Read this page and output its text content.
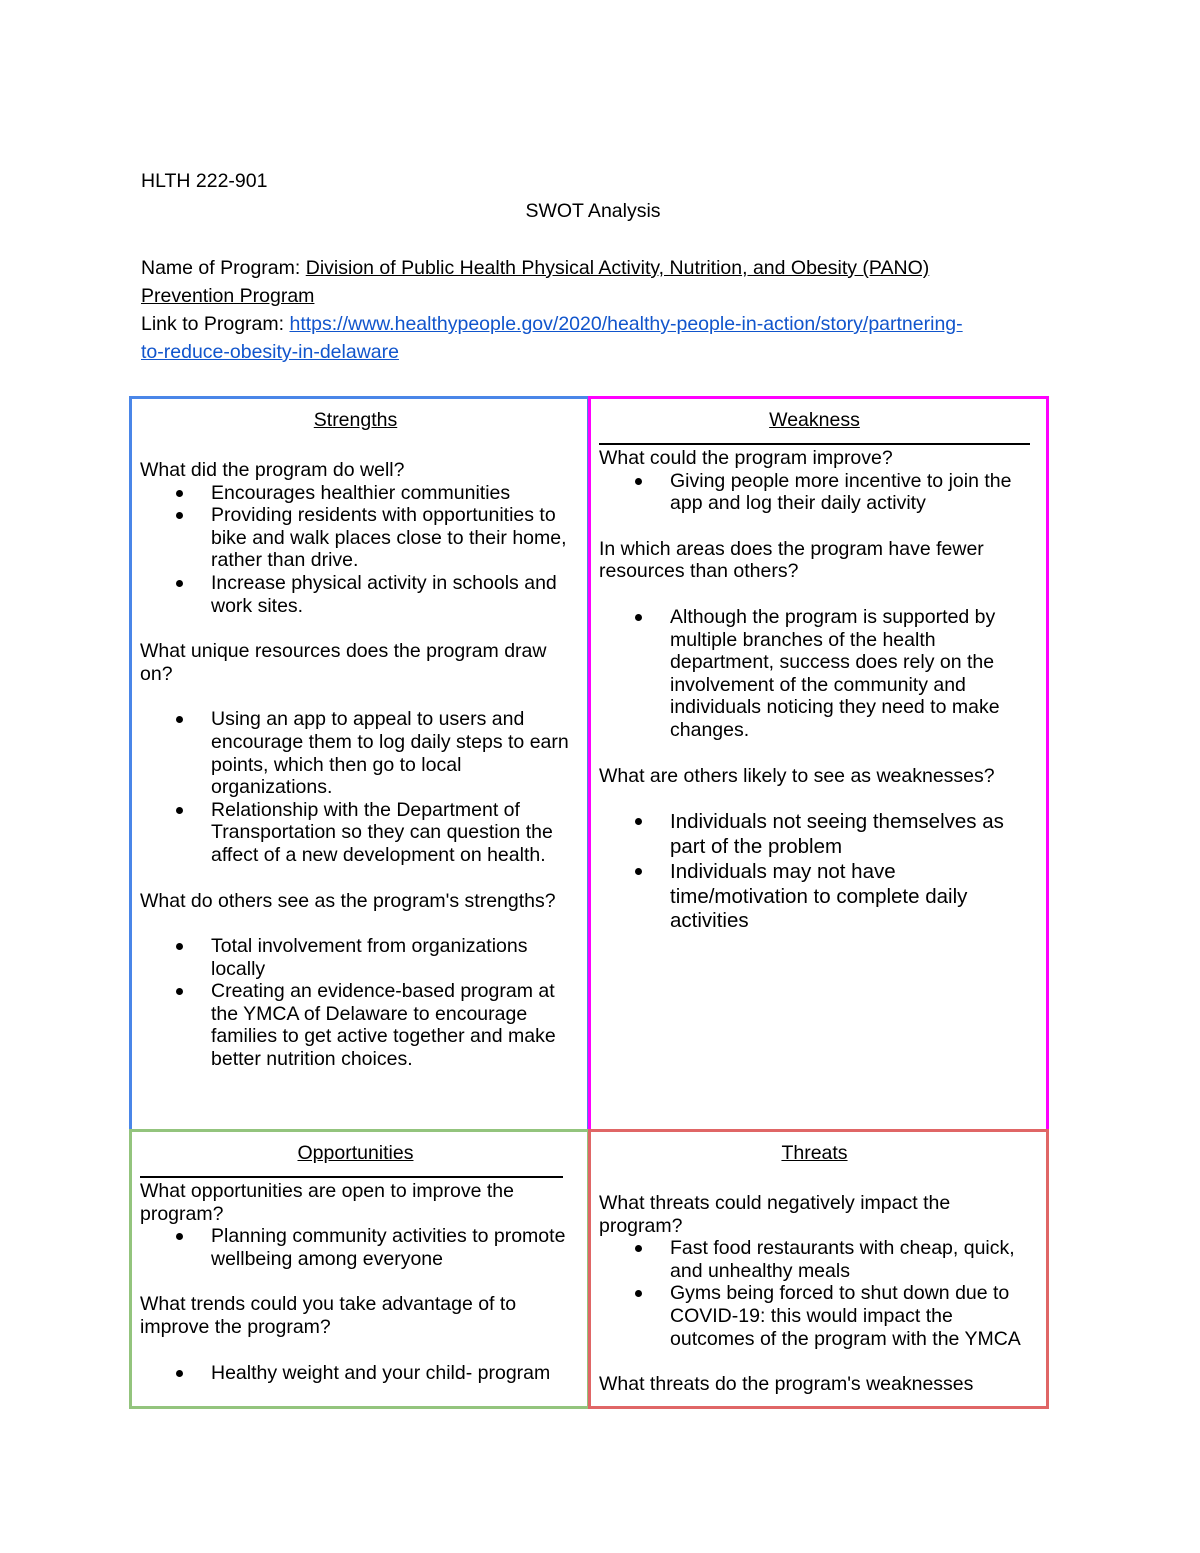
HLTH 222-901
SWOT Analysis
Name of Program: Division of Public Health Physical Activity, Nutrition, and Obesity (PANO)
Prevention Program
Link to Program: https://www.healthypeople.gov/2020/healthy-people-in-action/story/partnering-
to-reduce-obesity-in-delaware
Strengths

What did the program do well?

Encourages healthier communities
Providing residents with opportunities to bike and walk places close to their home, rather than drive.
Increase physical activity in schools and work sites.

What unique resources does the program draw on?

Using an app to appeal to users and encourage them to log daily steps to earn points, which then go to local organizations.
Relationship with the Department of Transportation so they can question the affect of a new development on health.

What do others see as the program's strengths?

Total involvement from organizations locally
Creating an evidence-based program at the YMCA of Delaware to encourage families to get active together and make better nutrition choices.
Weakness

What could the program improve?

Giving people more incentive to join the app and log their daily activity

In which areas does the program have fewer resources than others?

Although the program is supported by multiple branches of the health department, success does rely on the involvement of the community and individuals noticing they need to make changes.

What are others likely to see as weaknesses?

Individuals not seeing themselves as part of the problem
Individuals may not have time/motivation to complete daily activities
Opportunities

What opportunities are open to improve the program?

Planning community activities to promote wellbeing among everyone

What trends could you take advantage of to improve the program?

Healthy weight and your child- program
Threats

What threats could negatively impact the program?

Fast food restaurants with cheap, quick, and unhealthy meals
Gyms being forced to shut down due to COVID-19: this would impact the outcomes of the program with the YMCA

What threats do the program's weaknesses
